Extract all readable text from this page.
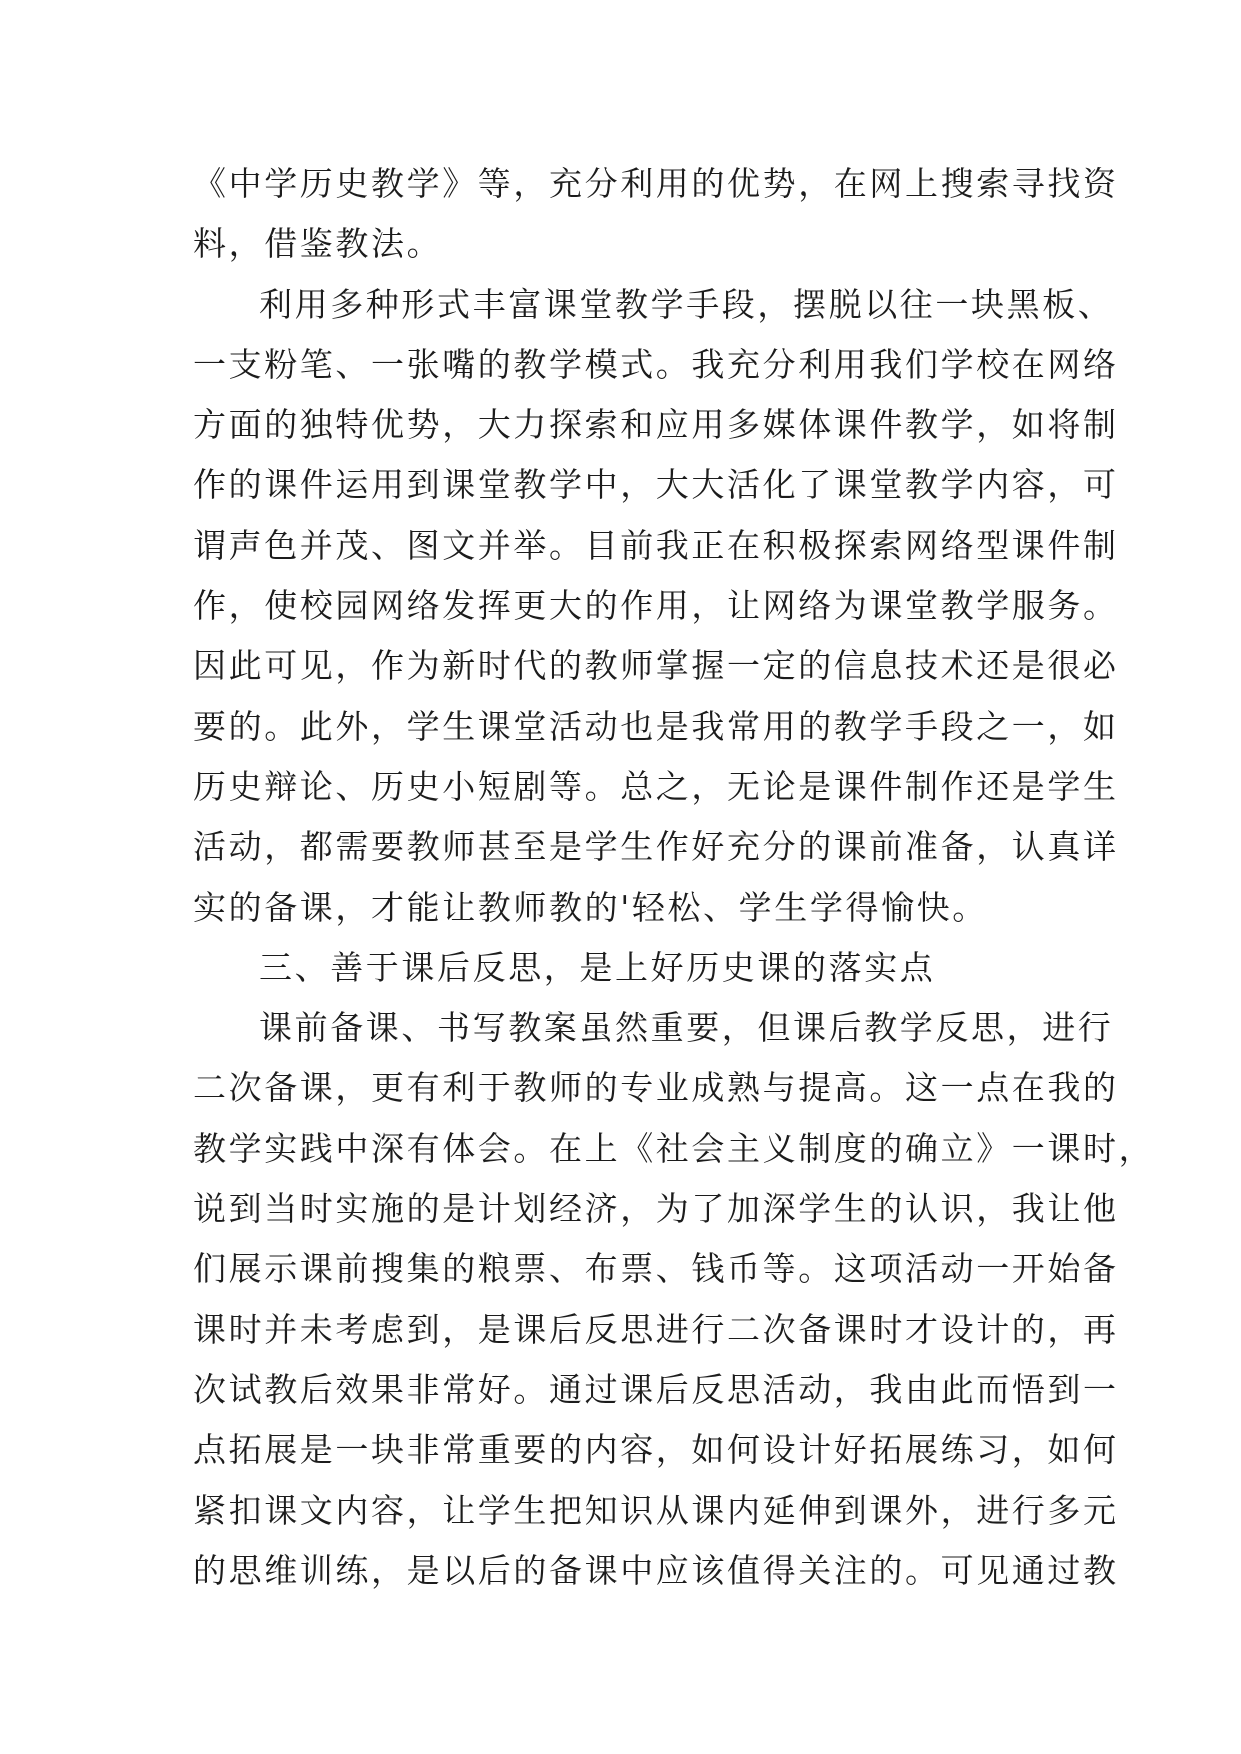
《中学历史教学》等，充分利用的优势，在网上搜索寻找资
料，借鉴教法。
利用多种形式丰富课堂教学手段，摆脱以往一块黑板、
一支粉笔、一张嘴的教学模式。我充分利用我们学校在网络
方面的独特优势，大力探索和应用多媒体课件教学，如将制
作的课件运用到课堂教学中，大大活化了课堂教学内容，可
谓声色并茂、图文并举。目前我正在积极探索网络型课件制
作，使校园网络发挥更大的作用，让网络为课堂教学服务。
因此可见，作为新时代的教师掌握一定的信息技术还是很必
要的。此外，学生课堂活动也是我常用的教学手段之一，如
历史辩论、历史小短剧等。总之，无论是课件制作还是学生
活动，都需要教师甚至是学生作好充分的课前准备，认真详
实的备课，才能让教师教的'轻松、学生学得愉快。
三、善于课后反思，是上好历史课的落实点
课前备课、书写教案虽然重要，但课后教学反思，进行
二次备课，更有利于教师的专业成熟与提高。这一点在我的
教学实践中深有体会。在上《社会主义制度的确立》一课时，
说到当时实施的是计划经济，为了加深学生的认识，我让他
们展示课前搜集的粮票、布票、钱币等。这项活动一开始备
课时并未考虑到，是课后反思进行二次备课时才设计的，再
次试教后效果非常好。通过课后反思活动，我由此而悟到一
点拓展是一块非常重要的内容，如何设计好拓展练习，如何
紧扣课文内容，让学生把知识从课内延伸到课外，进行多元
的思维训练，是以后的备课中应该值得关注的。可见通过教
